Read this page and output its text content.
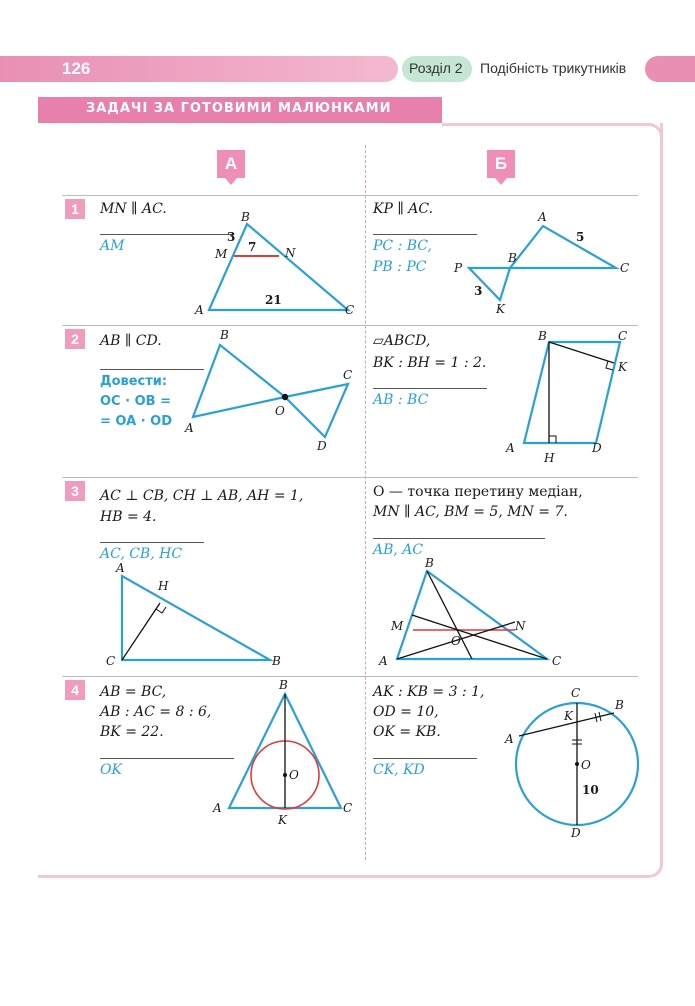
126	Розділ 2 Подібність трикутників
ЗАДАЧІ ЗА ГОТОВИМИ МАЛЮНКАМИ
А	Б
1	MN ∥ AC.
AM
B
M	N
A	C
3
7
21
KP ∥ AC.
PC : BC,
PB : PC
A
B
P	C
K
5
3
2	AB ∥ CD.
Довести:
OC · OB =
= OA · OD
B
C
O
A
D
▱ABCD,
BK : BH = 1 : 2.
AB : BC
B	C
K
A
H
D
3	AC ⊥ CB, CH ⊥ AB, AH = 1,
HB = 4.
AC, CB, HC
A
H
C	B
O — точка перетину медіан,
MN ∥ AC, BM = 5, MN = 7.
AB, AC
B
M	N
O
A	C
4	AB = BC,
AB : AC = 8 : 6,
BK = 22.
OK
B
O
A	C
K
AK : KB = 3 : 1,
OD = 10,
OK = KB.
CK, KD
C
K
B
A
O
10
D
